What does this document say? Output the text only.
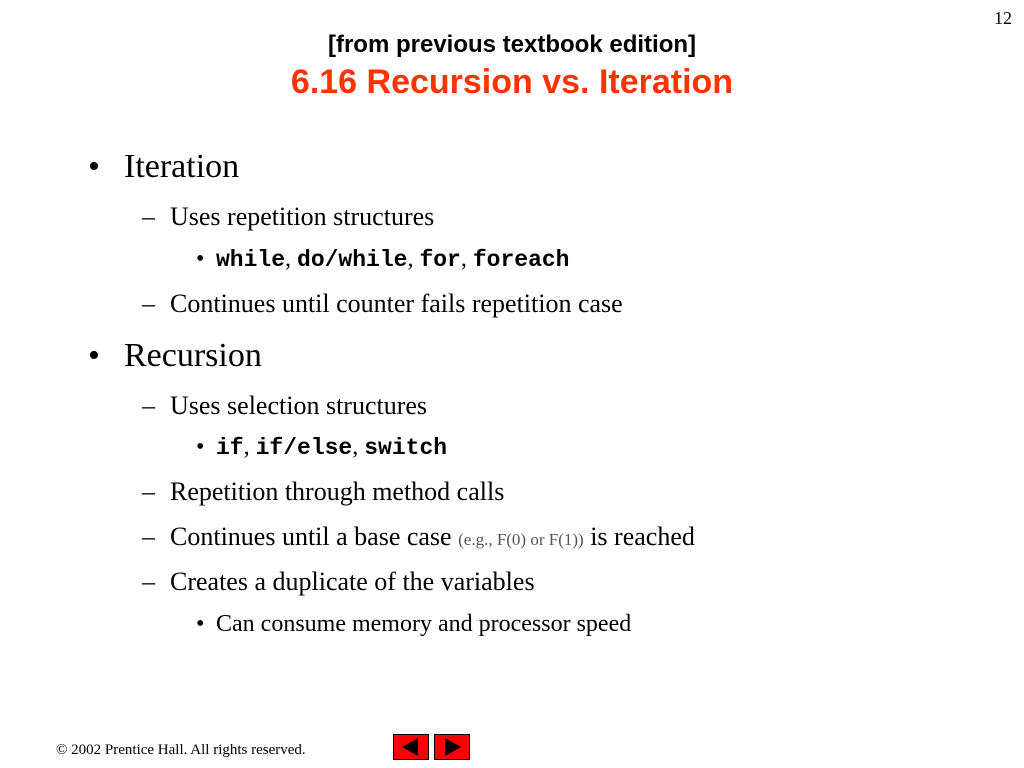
12
[from previous textbook edition]
6.16 Recursion vs. Iteration
• Iteration
– Uses repetition structures
• while, do/while, for, foreach
– Continues until counter fails repetition case
• Recursion
– Uses selection structures
• if, if/else, switch
– Repetition through method calls
– Continues until a base case (e.g., F(0) or F(1)) is reached
– Creates a duplicate of the variables
• Can consume memory and processor speed
© 2002 Prentice Hall. All rights reserved.
